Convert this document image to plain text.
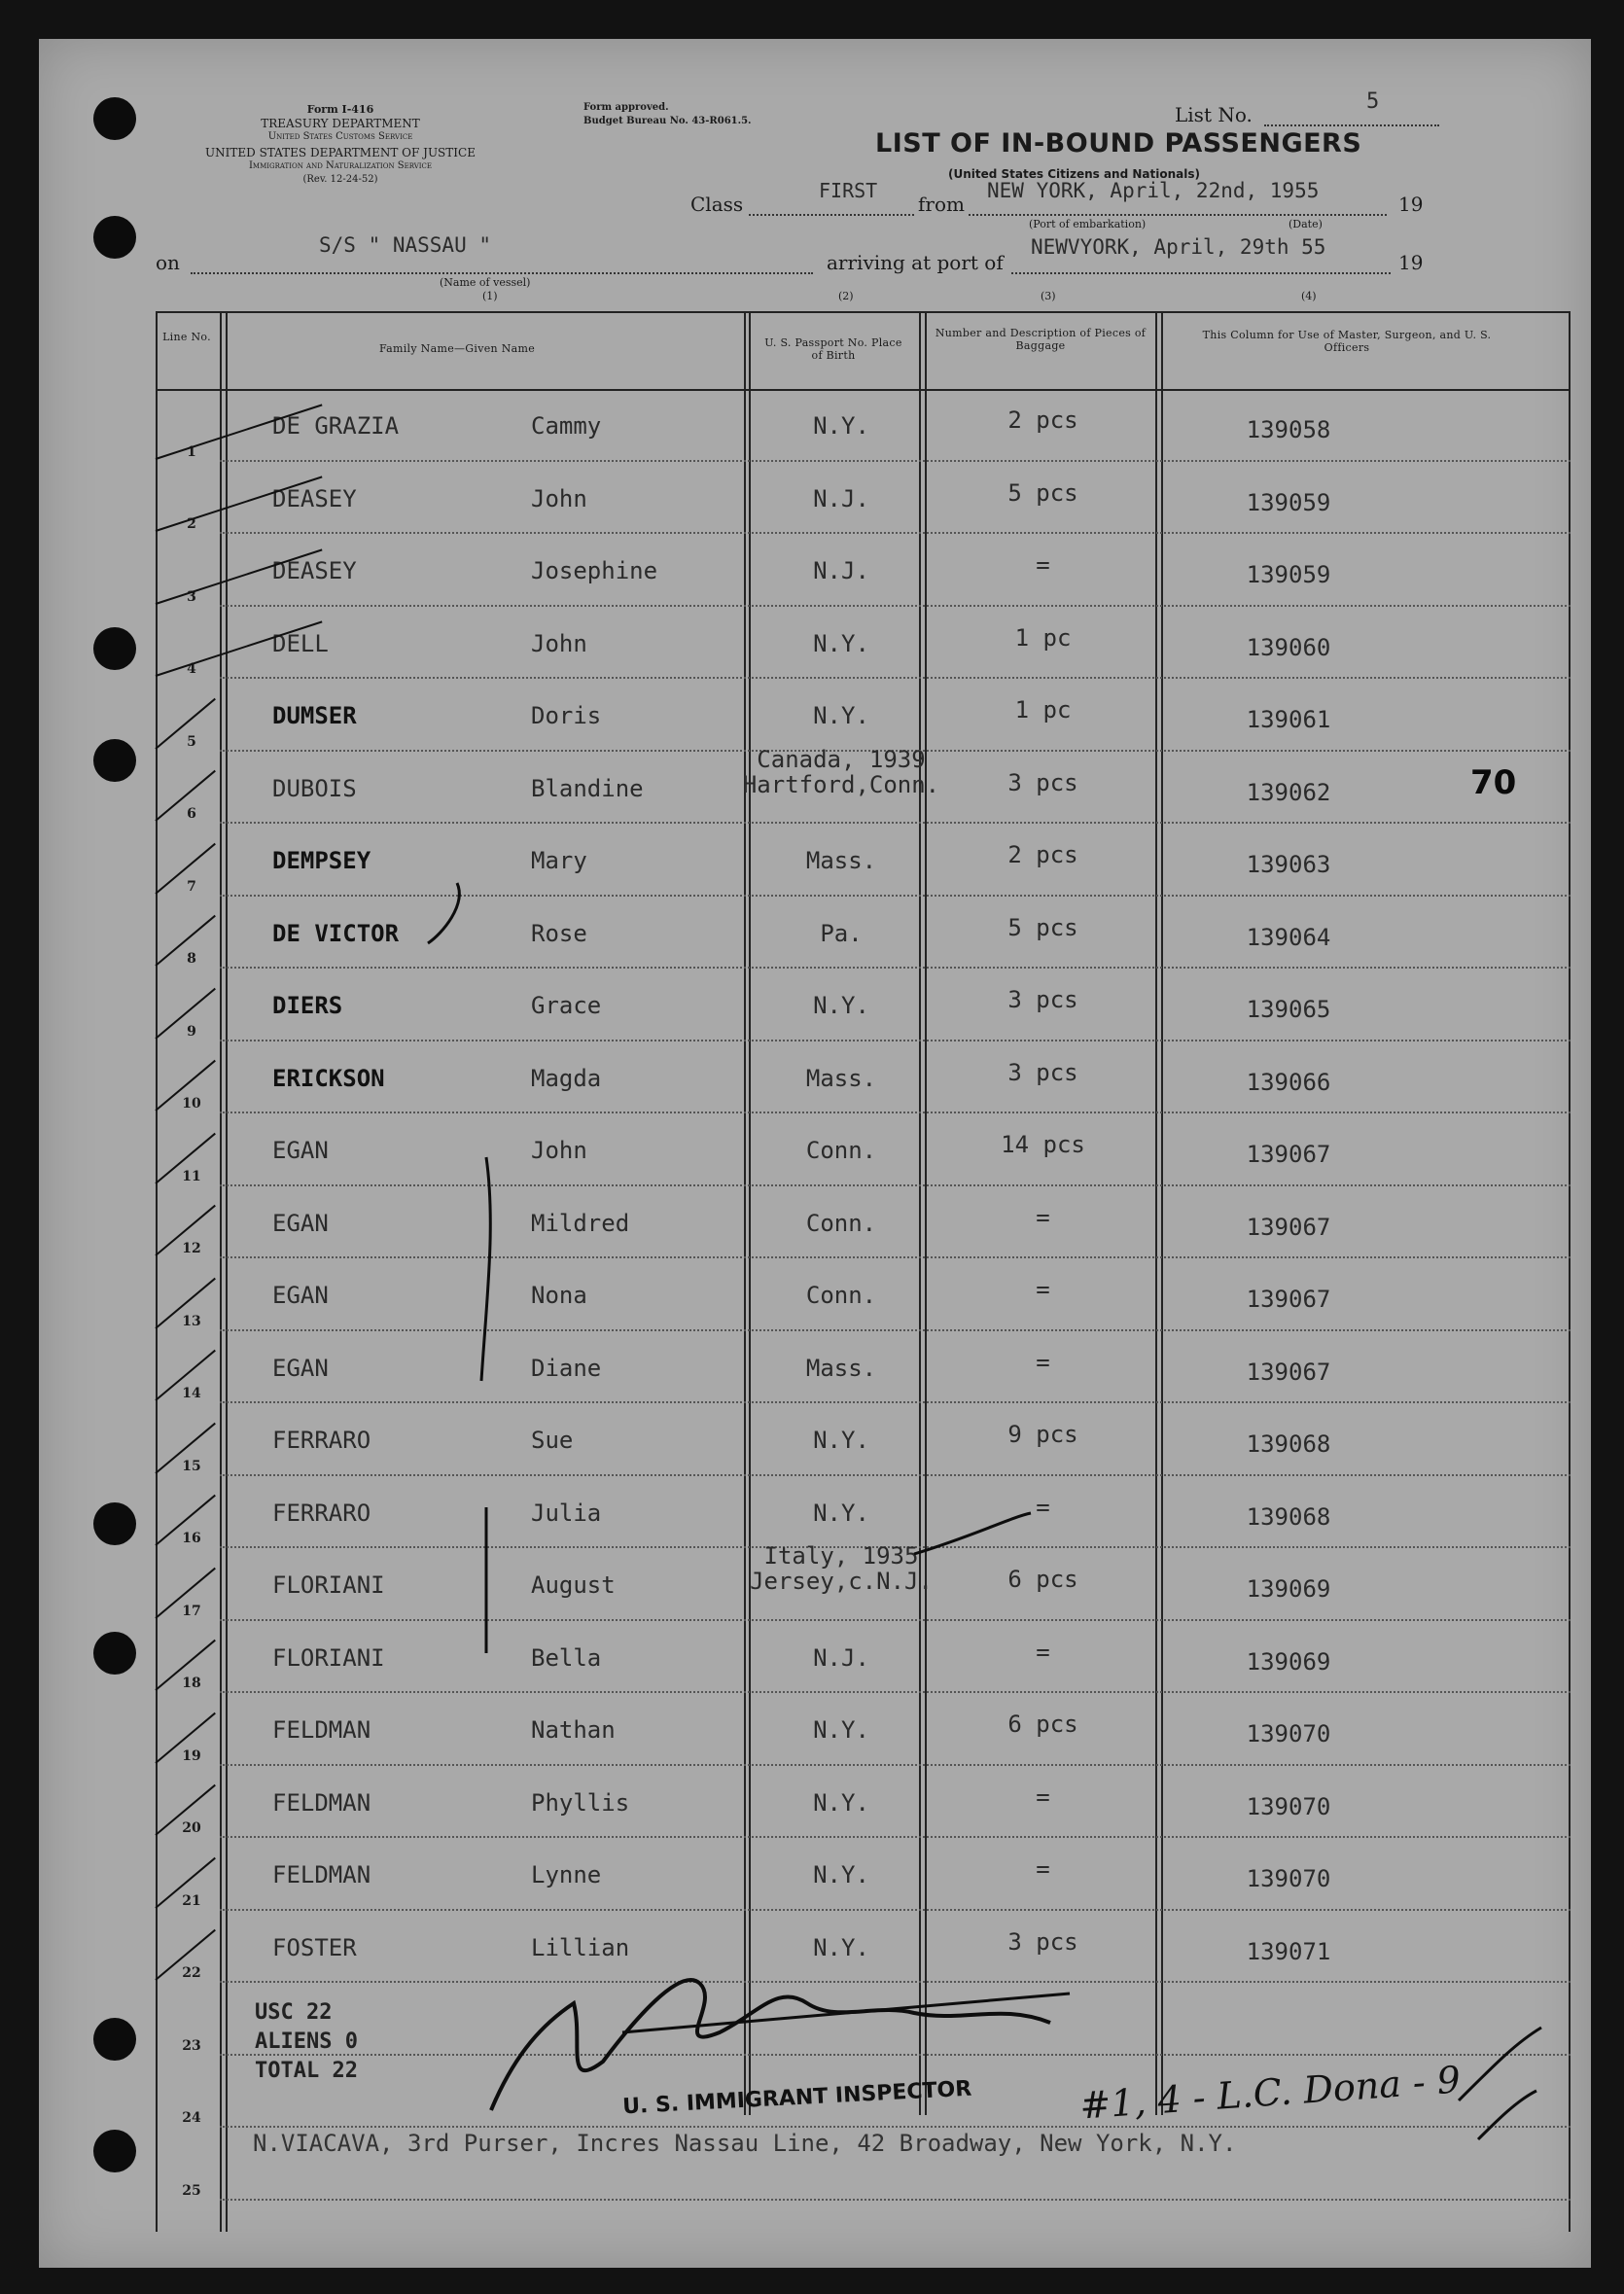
Form I-416
TREASURY DEPARTMENT
United States Customs Service
UNITED STATES DEPARTMENT OF JUSTICE
Immigration and Naturalization Service
(Rev. 12-24-52)
Form approved.
Budget Bureau No. 43-R061.5.	List No.
5
LIST OF IN-BOUND PASSENGERS
(United States Citizens and Nationals)
Class
FIRST
from
NEW YORK, April, 22nd, 1955
19
(Port of embarkation)	(Date)
on
S/S " NASSAU "
(Name of vessel)
arriving at port of
NEWVYORK, April, 29th 55
19
(1)	(2)	(3)	(4)
Line No.
Family Name—Given Name	U. S. Passport No. Place of Birth
Number and Description of Pieces of Baggage
This Column for Use of Master, Surgeon, and U. S. Officers
1
DE GRAZIA	Cammy	N.Y.	2 pcs	139058
2
DEASEY	John	N.J.	5 pcs	139059
3
DEASEY	Josephine	N.J.	=	139059
4
DELL	John	N.Y.	1 pc	139060
5
DUMSER	Doris	N.Y.	1 pc	139061
6
DUBOIS	Blandine
Canada, 1939
Hartford,Conn.	3 pcs	139062
7
DEMPSEY	Mary	Mass.	2 pcs	139063
8
DE VICTOR	Rose	Pa.	5 pcs	139064
9
DIERS	Grace	N.Y.	3 pcs	139065
10
ERICKSON	Magda	Mass.	3 pcs	139066
11
EGAN	John	Conn.	14 pcs	139067
12
EGAN	Mildred	Conn.	=	139067
13
EGAN	Nona	Conn.	=	139067
14
EGAN	Diane	Mass.	=	139067
15
FERRARO	Sue	N.Y.	9 pcs	139068
16
FERRARO	Julia	N.Y.	=	139068
17
FLORIANI	August
Italy, 1935
Jersey,c.N.J.	6 pcs	139069
18
FLORIANI	Bella	N.J.	=	139069
19
FELDMAN	Nathan	N.Y.	6 pcs	139070
20
FELDMAN	Phyllis	N.Y.	=	139070
21
FELDMAN	Lynne	N.Y.	=	139070
22
FOSTER	Lillian	N.Y.	3 pcs	139071
23
24
25
USC 22
ALIENS 0
TOTAL 22
N.VIACAVA, 3rd Purser, Incres Nassau Line, 42 Broadway, New York, N.Y.
U. S. IMMIGRANT INSPECTOR
70
#1, 4 - L.C. Dona - 9
